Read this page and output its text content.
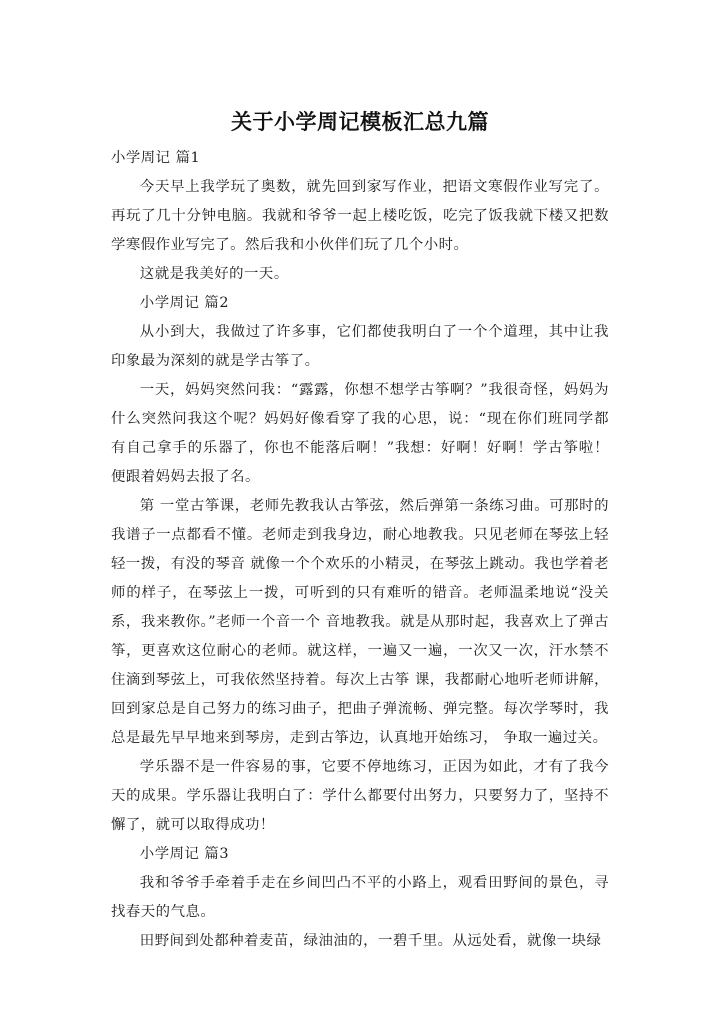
关于小学周记模板汇总九篇

小学周记 篇1

今天早上我学玩了奥数，就先回到家写作业，把语文寒假作业写完了。再玩了几十分钟电脑。我就和爷爷一起上楼吃饭，吃完了饭我就下楼又把数学寒假作业写完了。然后我和小伙伴们玩了几个小时。

这就是我美好的一天。

小学周记 篇2

从小到大，我做过了许多事，它们都使我明白了一个个道理，其中让我印象最为深刻的就是学古筝了。

一天，妈妈突然问我：“露露，你想不想学古筝啊？”我很奇怪，妈妈为什么突然问我这个呢？妈妈好像看穿了我的心思，说：“现在你们班同学都有自己拿手的乐器了，你也不能落后啊！”我想：好啊！好啊！学古筝啦！便跟着妈妈去报了名。

第 一堂古筝课，老师先教我认古筝弦，然后弹第一条练习曲。可那时的我谱子一点都看不懂。老师走到我身边，耐心地教我。只见老师在琴弦上轻轻一拨，有没的琴音 就像一个个欢乐的小精灵，在琴弦上跳动。我也学着老师的样子，在琴弦上一拨，可听到的只有难听的错音。老师温柔地说“没关系，我来教你。”老师一个音一个 音地教我。就是从那时起，我喜欢上了弹古筝，更喜欢这位耐心的老师。就这样，一遍又一遍，一次又一次，汗水禁不住滴到琴弦上，可我依然坚持着。每次上古筝 课，我都耐心地听老师讲解，回到家总是自己努力的练习曲子，把曲子弹流畅、弹完整。每次学琴时，我总是最先早早地来到琴房，走到古筝边，认真地开始练习， 争取一遍过关。

学乐器不是一件容易的事，它要不停地练习，正因为如此，才有了我今天的成果。学乐器让我明白了：学什么都要付出努力，只要努力了，坚持不懈了，就可以取得成功！

小学周记 篇3

我和爷爷手牵着手走在乡间凹凸不平的小路上，观看田野间的景色，寻找春天的气息。

田野间到处都种着麦苗，绿油油的，一碧千里。从远处看，就像一块绿
